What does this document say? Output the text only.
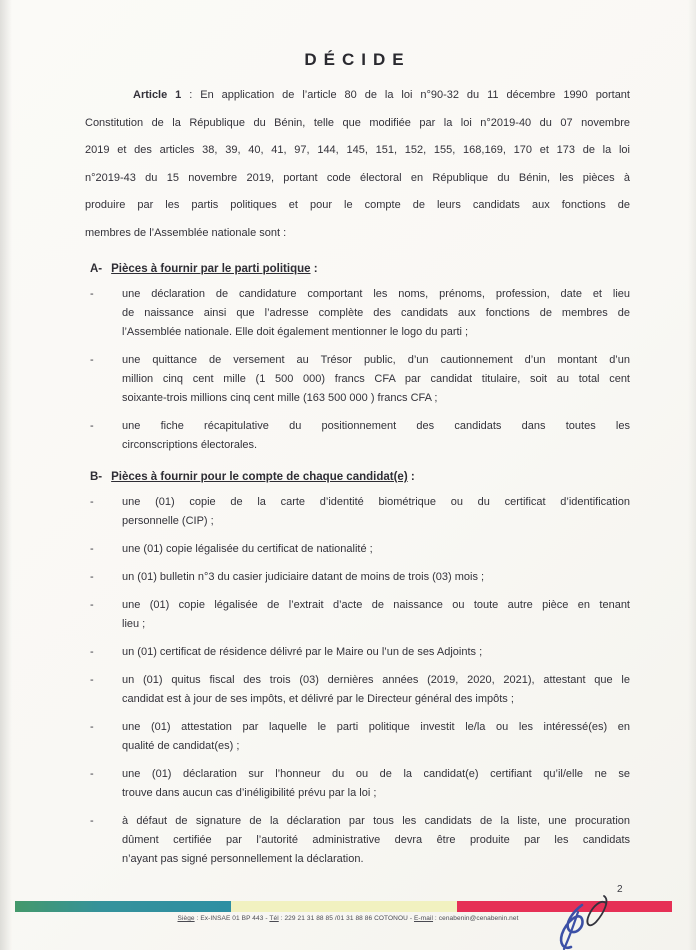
DÉCIDE
Article 1 : En application de l’article 80 de la loi n°90-32 du 11 décembre 1990 portant
Constitution de la République du Bénin, telle que modifiée par la loi n°2019-40 du 07 novembre
2019 et des articles 38, 39, 40, 41, 97, 144, 145, 151, 152, 155, 168,169, 170 et 173 de la loi
n°2019-43 du 15 novembre 2019, portant code électoral en République du Bénin, les pièces à
produire par les partis politiques et pour le compte de leurs candidats aux fonctions de
membres de l’Assemblée nationale sont :
A- Pièces à fournir par le parti politique :
-	une déclaration de candidature comportant les noms, prénoms, profession, date et lieu
de naissance ainsi que l’adresse complète des candidats aux fonctions de membres de
l’Assemblée nationale. Elle doit également mentionner le logo du parti ;
-	une quittance de versement au Trésor public, d’un cautionnement d’un montant d’un
million cinq cent mille (1 500 000) francs CFA par candidat titulaire, soit au total cent
soixante-trois millions cinq cent mille (163 500 000 ) francs CFA ;
-	une fiche récapitulative du positionnement des candidats dans toutes les
circonscriptions électorales.
B- Pièces à fournir pour le compte de chaque candidat(e) :
-	une (01) copie de la carte d’identité biométrique ou du certificat d’identification
personnelle (CIP) ;
-	une (01) copie légalisée du certificat de nationalité ;
-	un (01) bulletin n°3 du casier judiciaire datant de moins de trois (03) mois ;
-	une (01) copie légalisée de l’extrait d’acte de naissance ou toute autre pièce en tenant
lieu ;
-	un (01) certificat de résidence délivré par le Maire ou l’un de ses Adjoints ;
-	un (01) quitus fiscal des trois (03) dernières années (2019, 2020, 2021), attestant que le
candidat est à jour de ses impôts, et délivré par le Directeur général des impôts ;
-	une (01) attestation par laquelle le parti politique investit le/la ou les intéressé(es) en
qualité de candidat(es) ;
-	une (01) déclaration sur l’honneur du ou de la candidat(e) certifiant qu’il/elle ne se
trouve dans aucun cas d’inéligibilité prévu par la loi ;
-	à défaut de signature de la déclaration par tous les candidats de la liste, une procuration
dûment certifiée par l’autorité administrative devra être produite par les candidats
n’ayant pas signé personnellement la déclaration.
2
Siège : Ex-INSAE 01 BP 443 - Tél : 229 21 31 88 85 /01 31 88 86 COTONOU - E-mail : cenabenin@cenabenin.net
